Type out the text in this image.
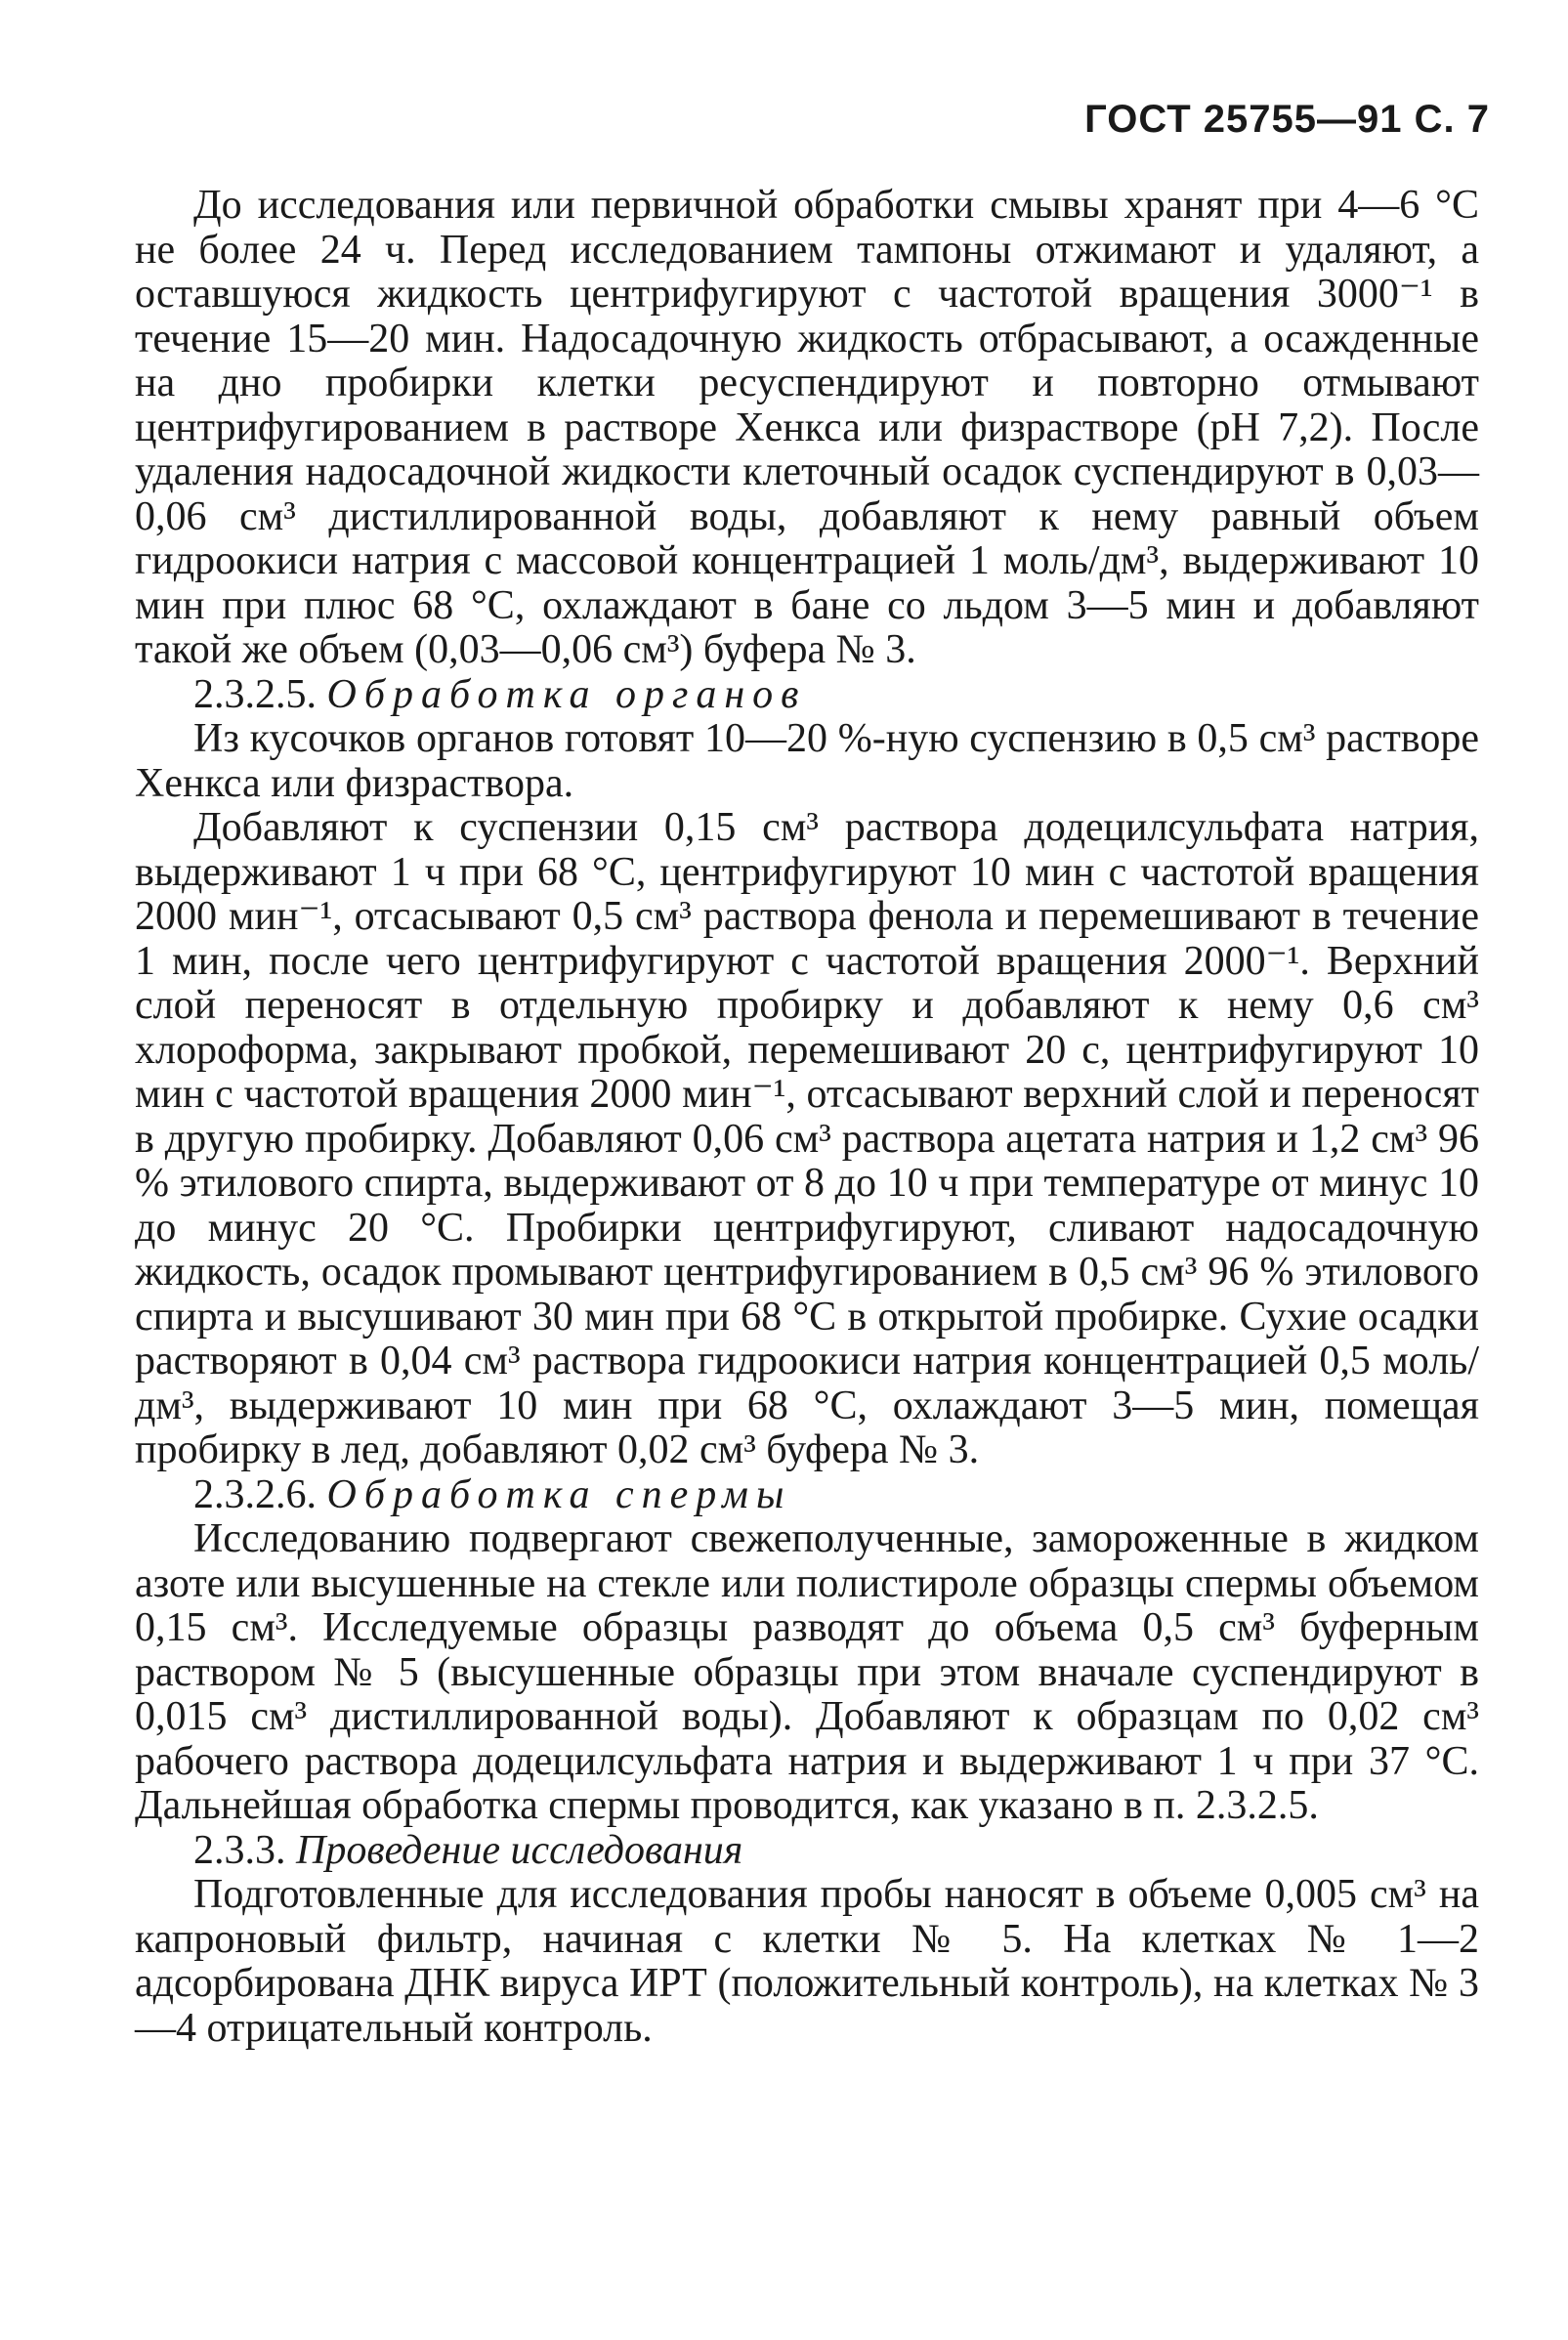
ГОСТ 25755—91 С. 7

До исследования или первичной обработки смывы хранят при 4—6 °С не более 24 ч. Перед исследованием тампоны отжимают и удаляют, а оставшуюся жидкость центрифугируют с частотой вращения 3000⁻¹ в течение 15—20 мин. Надосадочную жидкость отбрасывают, а осажденные на дно пробирки клетки ресуспендируют и повторно отмывают центрифугированием в растворе Хенкса или физрастворе (рН 7,2). После удаления надосадочной жидкости клеточный осадок суспендируют в 0,03—0,06 см³ дистиллированной воды, добавляют к нему равный объем гидроокиси натрия с массовой концентрацией 1 моль/дм³, выдерживают 10 мин при плюс 68 °С, охлаждают в бане со льдом 3—5 мин и добавляют такой же объем (0,03—0,06 см³) буфера № 3.

2.3.2.5. Обработка органов

Из кусочков органов готовят 10—20 %-ную суспензию в 0,5 см³ растворе Хенкса или физраствора.

Добавляют к суспензии 0,15 см³ раствора додецилсульфата натрия, выдерживают 1 ч при 68 °С, центрифугируют 10 мин с частотой вращения 2000 мин⁻¹, отсасывают 0,5 см³ раствора фенола и перемешивают в течение 1 мин, после чего центрифугируют с частотой вращения 2000⁻¹. Верхний слой переносят в отдельную пробирку и добавляют к нему 0,6 см³ хлороформа, закрывают пробкой, перемешивают 20 с, центрифугируют 10 мин с частотой вращения 2000 мин⁻¹, отсасывают верхний слой и переносят в другую пробирку. Добавляют 0,06 см³ раствора ацетата натрия и 1,2 см³ 96 % этилового спирта, выдерживают от 8 до 10 ч при температуре от минус 10 до минус 20 °С. Пробирки центрифугируют, сливают надосадочную жидкость, осадок промывают центрифугированием в 0,5 см³ 96 % этилового спирта и высушивают 30 мин при 68 °С в открытой пробирке. Сухие осадки растворяют в 0,04 см³ раствора гидроокиси натрия концентрацией 0,5 моль/дм³, выдерживают 10 мин при 68 °С, охлаждают 3—5 мин, помещая пробирку в лед, добавляют 0,02 см³ буфера № 3.

2.3.2.6. Обработка спермы

Исследованию подвергают свежеполученные, замороженные в жидком азоте или высушенные на стекле или полистироле образцы спермы объемом 0,15 см³. Исследуемые образцы разводят до объема 0,5 см³ буферным раствором № 5 (высушенные образцы при этом вначале суспендируют в 0,015 см³ дистиллированной воды). Добавляют к образцам по 0,02 см³ рабочего раствора додецилсульфата натрия и выдерживают 1 ч при 37 °С. Дальнейшая обработка спермы проводится, как указано в п. 2.3.2.5.

2.3.3. Проведение исследования

Подготовленные для исследования пробы наносят в объеме 0,005 см³ на капроновый фильтр, начиная с клетки № 5. На клетках № 1—2 адсорбирована ДНК вируса ИРТ (положительный контроль), на клетках № 3—4 отрицательный контроль.
